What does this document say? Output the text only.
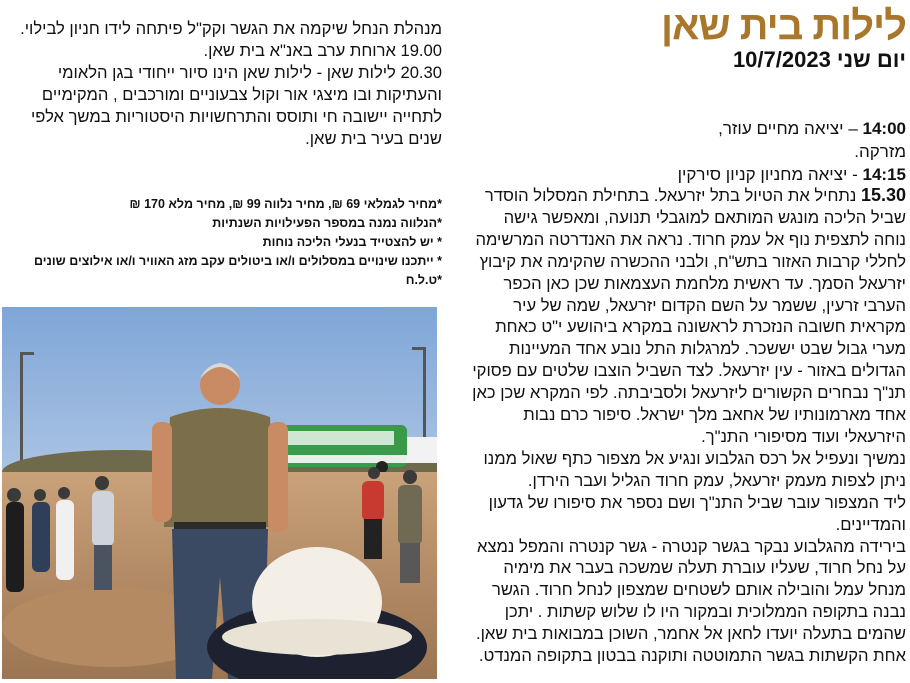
לילות בית שאן
יום שני 10/7/2023
14:00 – יציאה מחיים עוזר, מזרקה.
14:15 - יציאה מחניון קניון סירקין

15.30 נתחיל את הטיול בתל יזרעאל. בתחילת המסלול הוסדר שביל הליכה מונגש המותאם למוגבלי תנועה, ומאפשר גישה נוחה לתצפית נוף אל עמק חרוד. נראה את האנדרטה המרשימה לחללי קרבות האזור בתש"ח, ולבני ההכשרה שהקימה את קיבוץ יזרעאל הסמך. עד ראשית מלחמת העצמאות שכן כאן הכפר הערבי זרעין, ששמר על השם הקדום יזרעאל, שמה של עיר מקראית חשובה הנזכרת לראשונה במקרא ביהושע י"ט כאחת מערי גבול שבט יששכר. למרגלות התל נובע אחד המעיינות הגדולים באזור - עין יזרעאל. לצד השביל הוצבו שלטים עם פסוקי תנ"ך נבחרים הקשורים ליזרעאל ולסביבתה. לפי המקרא שכן כאן אחד מארמונותיו של אחאב מלך ישראל. סיפור כרם נבות היזרעאלי ועוד מסיפורי התנ"ך.

נמשיך ונעפיל אל רכס הגלבוע ונגיע אל מצפור כתף שאול ממנו ניתן לצפות מעמק יזרעאל, עמק חרוד הגליל ועבר הירדן.

ליד המצפור עובר שביל התנ"ך ושם נספר את סיפורו של גדעון והמדיינים.

בירידה מהגלבוע נבקר בגשר קנטרה - גשר קנטרה והמפל נמצא על נחל חרוד, שעליו עוברת תעלה שמשכה בעבר את מימיה מנחל עמל והובילה אותם לשטחים שמצפון לנחל חרוד. הגשר נבנה בתקופה הממלוכית ובמקור היו לו שלוש קשתות . יתכן שהמים בתעלה יועדו לחאן אל אחמר, השוכן במבואות בית שאן. אחת הקשתות בגשר התמוטטה ותוקנה בבטון בתקופה המנדט.

מנהלת הנחל שיקמה את הגשר וקק"ל פיתחה לידו חניון לבילוי.

19.00 ארוחת ערב באנ"א בית שאן.

20.30 לילות שאן - לילות שאן הינו סיור ייחודי בגן הלאומי והעתיקות ובו מיצגי אור וקול צבעוניים ומורכבים , המקימיים לתחייה יישובה חי ותוסס והתרחשויות היסטוריות במשך אלפי שנים בעיר בית שאן.

*מחיר לגמלאי 69 ₪, מחיר נלווה 99 ₪, מחיר מלא 170 ₪
*הנלווה נמנה במספר הפעילויות השנתיות
* יש להצטייד בנעלי הליכה נוחות
* ייתכנו שינויים במסלולים ו/או ביטולים עקב מזג האוויר ו/או אילוצים שונים
*ט.ל.ח
